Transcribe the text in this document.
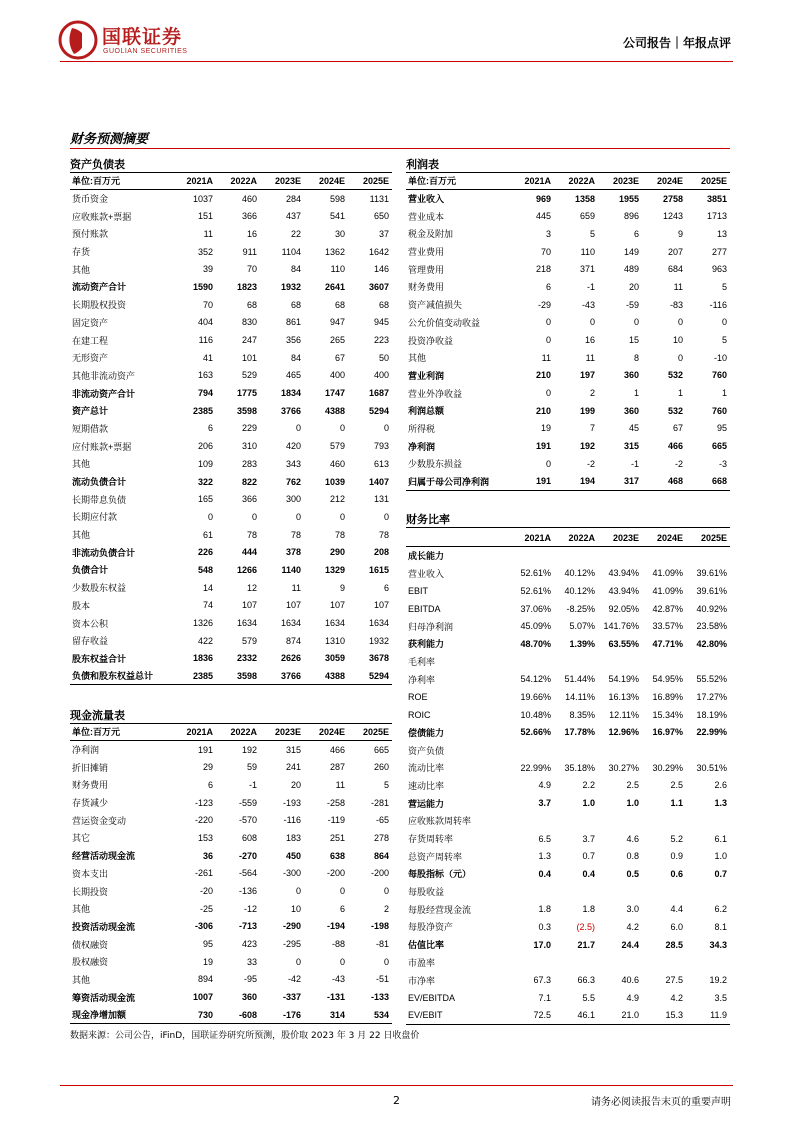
国联证券
GUOLIAN SECURITIES
公司报告｜年报点评
财务预测摘要
资产负债表
单位:百万元	2021A	2022A	2023E	2024E	2025E
货币资金	1037	460	284	598	1131
应收账款+票据	151	366	437	541	650
预付账款	11	16	22	30	37
存货	352	911	1104	1362	1642
其他	39	70	84	110	146
流动资产合计	1590	1823	1932	2641	3607
长期股权投资	70	68	68	68	68
固定资产	404	830	861	947	945
在建工程	116	247	356	265	223
无形资产	41	101	84	67	50
其他非流动资产	163	529	465	400	400
非流动资产合计	794	1775	1834	1747	1687
资产总计	2385	3598	3766	4388	5294
短期借款	6	229	0	0	0
应付账款+票据	206	310	420	579	793
其他	109	283	343	460	613
流动负债合计	322	822	762	1039	1407
长期带息负债	165	366	300	212	131
长期应付款	0	0	0	0	0
其他	61	78	78	78	78
非流动负债合计	226	444	378	290	208
负债合计	548	1266	1140	1329	1615
少数股东权益	14	12	11	9	6
股本	74	107	107	107	107
资本公积	1326	1634	1634	1634	1634
留存收益	422	579	874	1310	1932
股东权益合计	1836	2332	2626	3059	3678
负债和股东权益总计	2385	3598	3766	4388	5294
利润表
单位:百万元	2021A	2022A	2023E	2024E	2025E
营业收入	969	1358	1955	2758	3851
营业成本	445	659	896	1243	1713
税金及附加	3	5	6	9	13
营业费用	70	110	149	207	277
管理费用	218	371	489	684	963
财务费用	6	-1	20	11	5
资产减值损失	-29	-43	-59	-83	-116
公允价值变动收益	0	0	0	0	0
投资净收益	0	16	15	10	5
其他	11	11	8	0	-10
营业利润	210	197	360	532	760
营业外净收益	0	2	1	1	1
利润总额	210	199	360	532	760
所得税	19	7	45	67	95
净利润	191	192	315	466	665
少数股东损益	0	-2	-1	-2	-3
归属于母公司净利润	191	194	317	468	668
财务比率
	2021A	2022A	2023E	2024E	2025E
成长能力					
营业收入	52.61%	40.12%	43.94%	41.09%	39.61%
EBIT	52.61%	40.12%	43.94%	41.09%	39.61%
EBITDA	37.06%	-8.25%	92.05%	42.87%	40.92%
归母净利润	45.09%	5.07%	141.76%	33.57%	23.58%
获利能力	48.70%	1.39%	63.55%	47.71%	42.80%
毛利率					
净利率	54.12%	51.44%	54.19%	54.95%	55.52%
ROE	19.66%	14.11%	16.13%	16.89%	17.27%
ROIC	10.48%	8.35%	12.11%	15.34%	18.19%
偿债能力	52.66%	17.78%	12.96%	16.97%	22.99%
资产负债					
流动比率	22.99%	35.18%	30.27%	30.29%	30.51%
速动比率	4.9	2.2	2.5	2.5	2.6
营运能力	3.7	1.0	1.0	1.1	1.3
应收账款周转率					
存货周转率	6.5	3.7	4.6	5.2	6.1
总资产周转率	1.3	0.7	0.8	0.9	1.0
每股指标（元）	0.4	0.4	0.5	0.6	0.7
每股收益					
每股经营现金流	1.8	1.8	3.0	4.4	6.2
每股净资产	0.3	(2.5)	4.2	6.0	8.1
估值比率	17.0	21.7	24.4	28.5	34.3
市盈率					
市净率	67.3	66.3	40.6	27.5	19.2
EV/EBITDA	7.1	5.5	4.9	4.2	3.5
EV/EBIT	72.5	46.1	21.0	15.3	11.9
现金流量表
单位:百万元	2021A	2022A	2023E	2024E	2025E
净利润	191	192	315	466	665
折旧摊销	29	59	241	287	260
财务费用	6	-1	20	11	5
存货减少	-123	-559	-193	-258	-281
营运资金变动	-220	-570	-116	-119	-65
其它	153	608	183	251	278
经营活动现金流	36	-270	450	638	864
资本支出	-261	-564	-300	-200	-200
长期投资	-20	-136	0	0	0
其他	-25	-12	10	6	2
投资活动现金流	-306	-713	-290	-194	-198
债权融资	95	423	-295	-88	-81
股权融资	19	33	0	0	0
其他	894	-95	-42	-43	-51
筹资活动现金流	1007	360	-337	-131	-133
现金净增加额	730	-608	-176	314	534
数据来源：公司公告，iFinD，国联证券研究所预测，股价取 2023 年 3 月 22 日收盘价
2	请务必阅读报告末页的重要声明
